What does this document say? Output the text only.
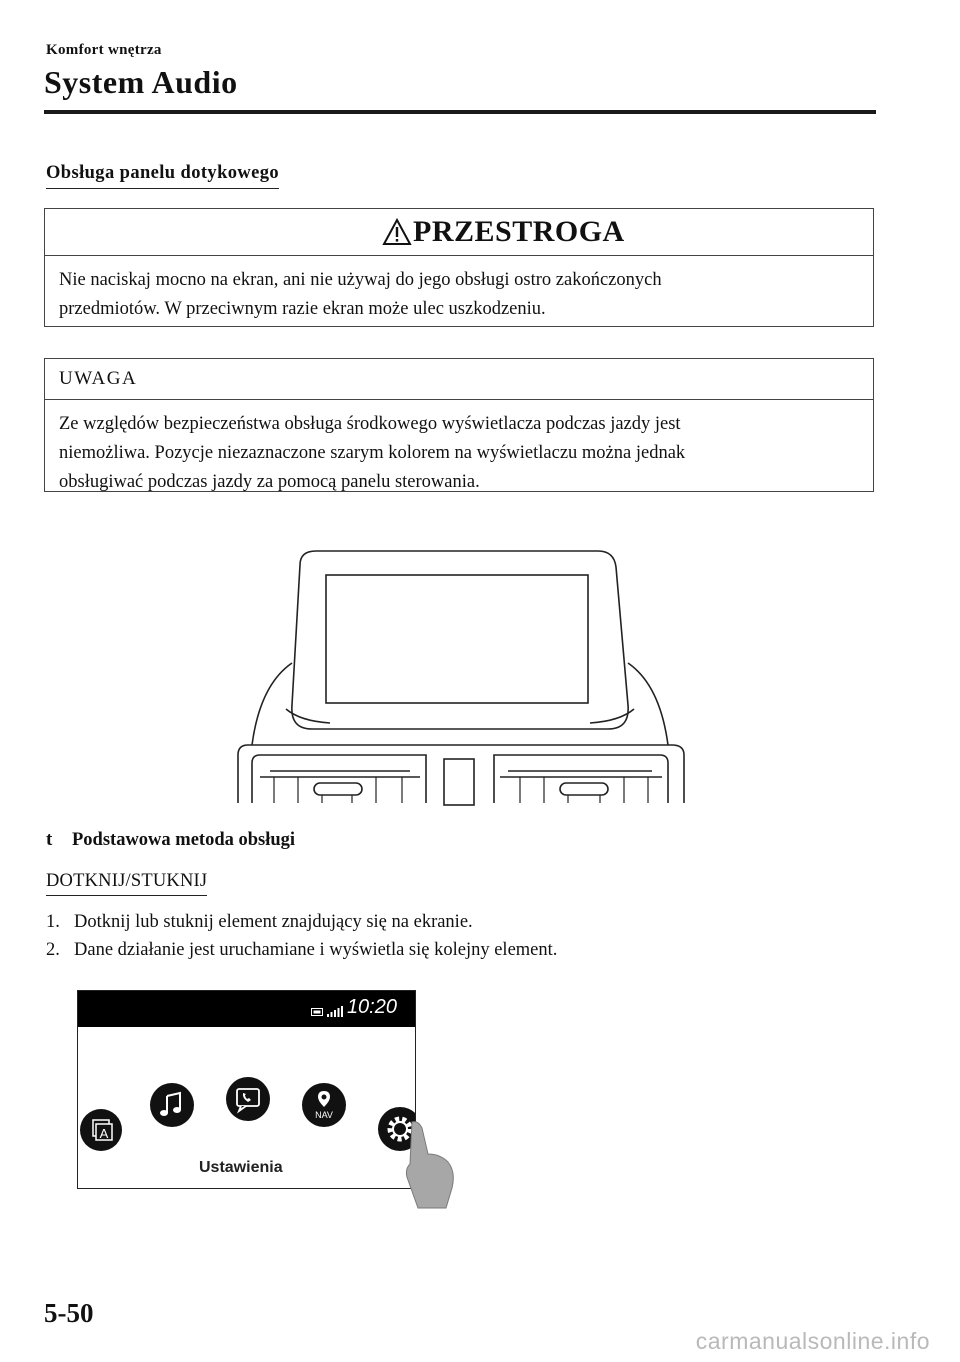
Komfort wnętrza
System Audio
Obsługa panelu dotykowego
PRZESTROGA
Nie naciskaj mocno na ekran, ani nie używaj do jego obsługi ostro zakończonych
przedmiotów. W przeciwnym razie ekran może ulec uszkodzeniu.
UWAGA
Ze względów bezpieczeństwa obsługa środkowego wyświetlacza podczas jazdy jest
niemożliwa. Pozycje niezaznaczone szarym kolorem na wyświetlaczu można jednak
obsługiwać podczas jazdy za pomocą panelu sterowania.
t Podstawowa metoda obsługi
DOTKNIJ/STUKNIJ
1. Dotknij lub stuknij element znajdujący się na ekranie.
2. Dane działanie jest uruchamiane i wyświetla się kolejny element.
10:20
A
NAV
Ustawienia
5-50
carmanualsonline.info
